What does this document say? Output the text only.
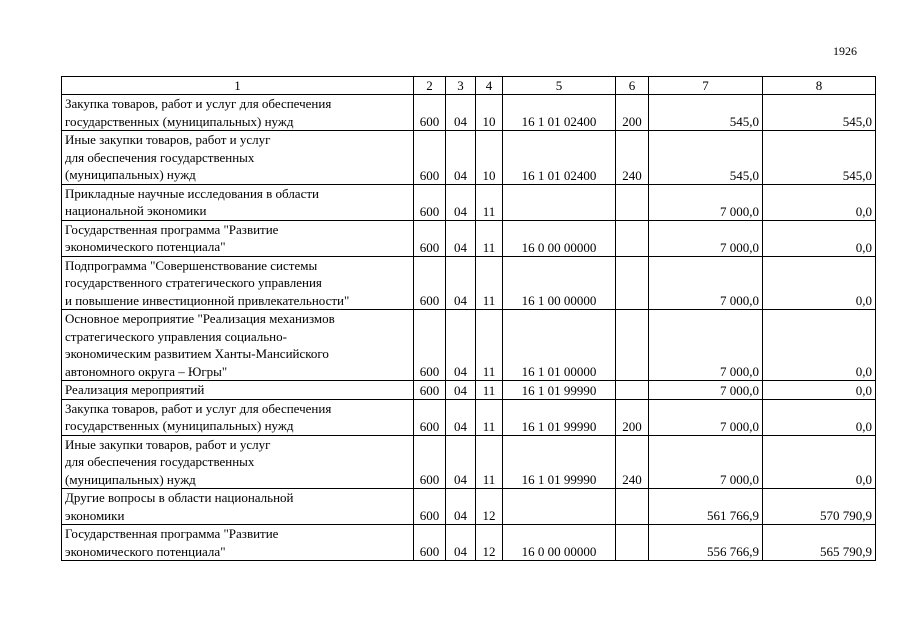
1926
1	2	3	4	5	6	7	8
Закупка товаров, работ и услуг для обеспечения
государственных (муниципальных) нужд	600	04	10	16 1 01 02400	200	545,0	545,0
Иные закупки товаров, работ и услуг
для обеспечения государственных
(муниципальных) нужд	600	04	10	16 1 01 02400	240	545,0	545,0
Прикладные научные исследования в области
национальной экономики	600	04	11			7 000,0	0,0
Государственная программа "Развитие
экономического потенциала"	600	04	11	16 0 00 00000		7 000,0	0,0
Подпрограмма "Совершенствование системы
государственного стратегического управления
и повышение инвестиционной привлекательности"	600	04	11	16 1 00 00000		7 000,0	0,0
Основное мероприятие "Реализация механизмов
стратегического управления социально-
экономическим развитием Ханты-Мансийского
автономного округа – Югры"	600	04	11	16 1 01 00000		7 000,0	0,0
Реализация мероприятий	600	04	11	16 1 01 99990		7 000,0	0,0
Закупка товаров, работ и услуг для обеспечения
государственных (муниципальных) нужд	600	04	11	16 1 01 99990	200	7 000,0	0,0
Иные закупки товаров, работ и услуг
для обеспечения государственных
(муниципальных) нужд	600	04	11	16 1 01 99990	240	7 000,0	0,0
Другие вопросы в области национальной
экономики	600	04	12			561 766,9	570 790,9
Государственная программа "Развитие
экономического потенциала"	600	04	12	16 0 00 00000		556 766,9	565 790,9
